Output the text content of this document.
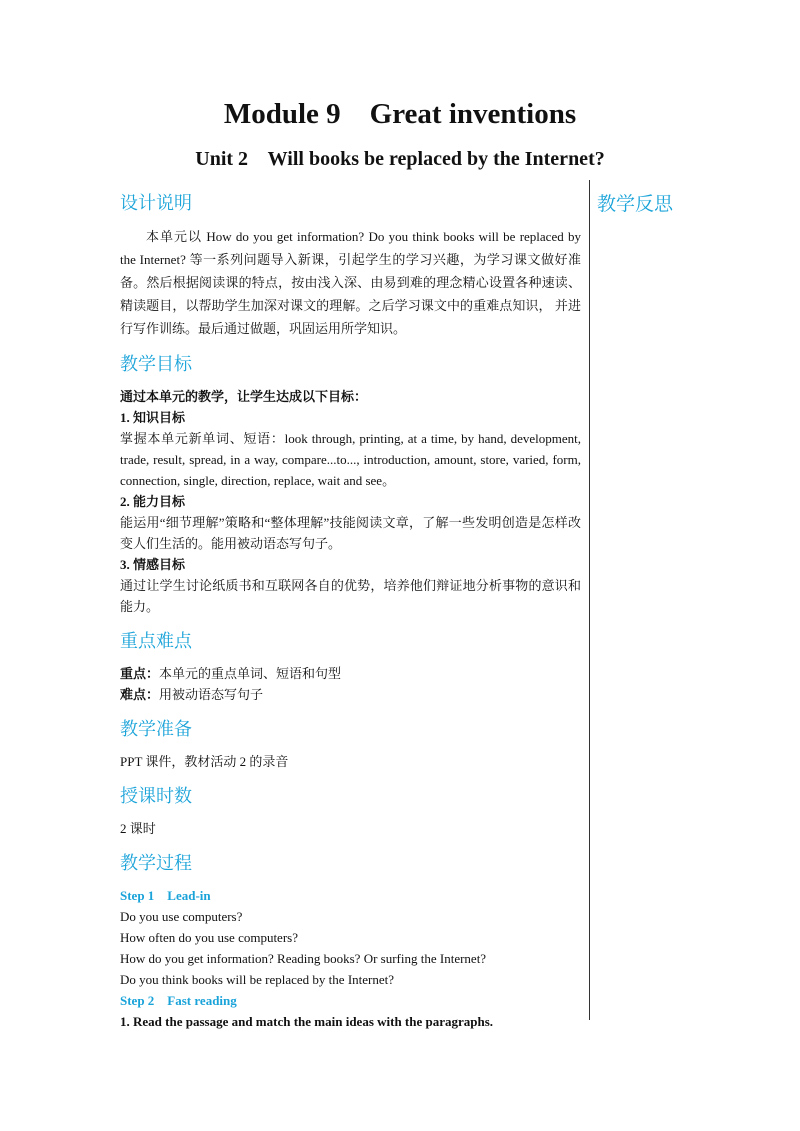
Module 9    Great inventions
Unit 2    Will books be replaced by the Internet?
教学反思
设计说明

本单元以 How do you get information? Do you think books will be replaced by the Internet? 等一系列问题导入新课，引起学生的学习兴趣，为学习课文做好准备。然后根据阅读课的特点，按由浅入深、由易到难的理念精心设置各种速读、精读题目，以帮助学生加深对课文的理解。之后学习课文中的重难点知识， 并进行写作训练。最后通过做题，巩固运用所学知识。

教学目标

通过本单元的教学，让学生达成以下目标：

1. 知识目标

掌握本单元新单词、短语：look through, printing, at a time, by hand, development, trade, result, spread, in a way, compare...to..., introduction, amount, store, varied, form, connection, single, direction, replace, wait and see。

2. 能力目标

能运用“细节理解”策略和“整体理解”技能阅读文章，了解一些发明创造是怎样改变人们生活的。能用被动语态写句子。

3. 情感目标

通过让学生讨论纸质书和互联网各自的优势，培养他们辩证地分析事物的意识和能力。

重点难点

重点：本单元的重点单词、短语和句型

难点：用被动语态写句子

教学准备

PPT 课件，教材活动 2 的录音

授课时数

2 课时

教学过程

Step 1    Lead-in

Do you use computers?

How often do you use computers?

How do you get information? Reading books? Or surfing the Internet?

Do you think books will be replaced by the Internet?

Step 2    Fast reading

1. Read the passage and match the main ideas with the paragraphs.
